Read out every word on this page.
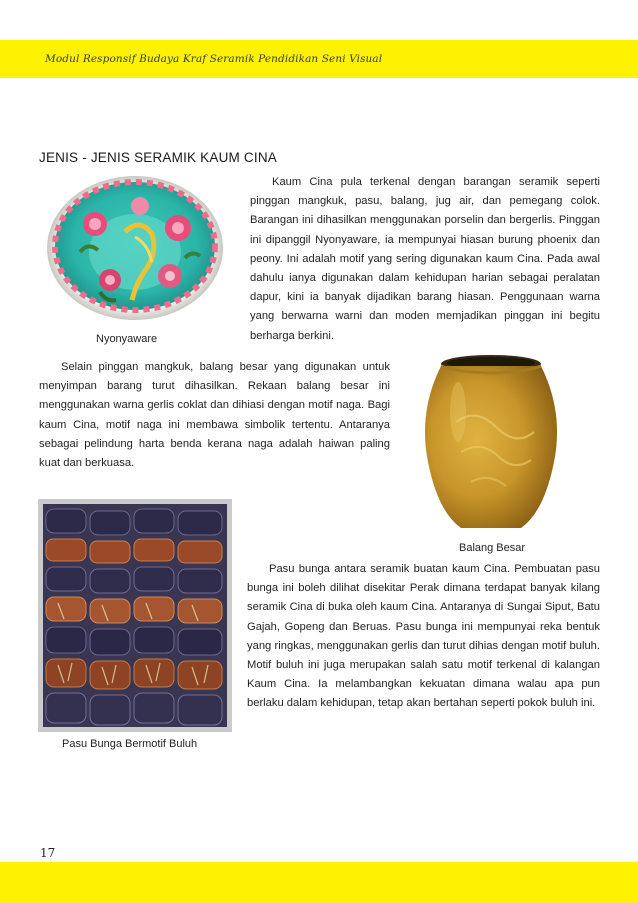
Modul Responsif Budaya Kraf Seramik Pendidikan Seni Visual
JENIS - JENIS SERAMIK KAUM CINA
Nyonyaware

Kaum Cina pula terkenal dengan barangan seramik seperti pinggan mangkuk, pasu, balang, jug air, dan pemegang colok. Barangan ini dihasilkan menggunakan porselin dan bergerlis. Pinggan ini dipanggil Nyonyaware, ia mempunyai hiasan burung phoenix dan peony. Ini adalah motif yang sering digunakan kaum Cina. Pada awal dahulu ianya digunakan dalam kehidupan harian sebagai peralatan dapur, kini ia banyak dijadikan barang hiasan. Penggunaan warna yang berwarna warni dan moden memjadikan pinggan ini begitu berharga berkini.

Selain pinggan mangkuk, balang besar yang digunakan untuk menyimpan barang turut dihasilkan. Rekaan balang besar ini menggunakan warna gerlis coklat dan dihiasi dengan motif naga. Bagi kaum Cina, motif naga ini membawa simbolik tertentu. Antaranya sebagai pelindung harta benda kerana naga adalah haiwan paling kuat dan berkuasa.

Balang Besar
Pasu Bunga Bermotif Buluh

Pasu bunga antara seramik buatan kaum Cina. Pembuatan pasu bunga ini boleh dilihat disekitar Perak dimana terdapat banyak kilang seramik Cina di buka oleh kaum Cina. Antaranya di Sungai Siput, Batu Gajah, Gopeng dan Beruas. Pasu bunga ini mempunyai reka bentuk yang ringkas, menggunakan gerlis dan turut dihias dengan motif buluh. Motif buluh ini juga merupakan salah satu motif terkenal di kalangan Kaum Cina. Ia melambangkan kekuatan dimana walau apa pun berlaku dalam kehidupan, tetap akan bertahan seperti pokok buluh ini.

17
